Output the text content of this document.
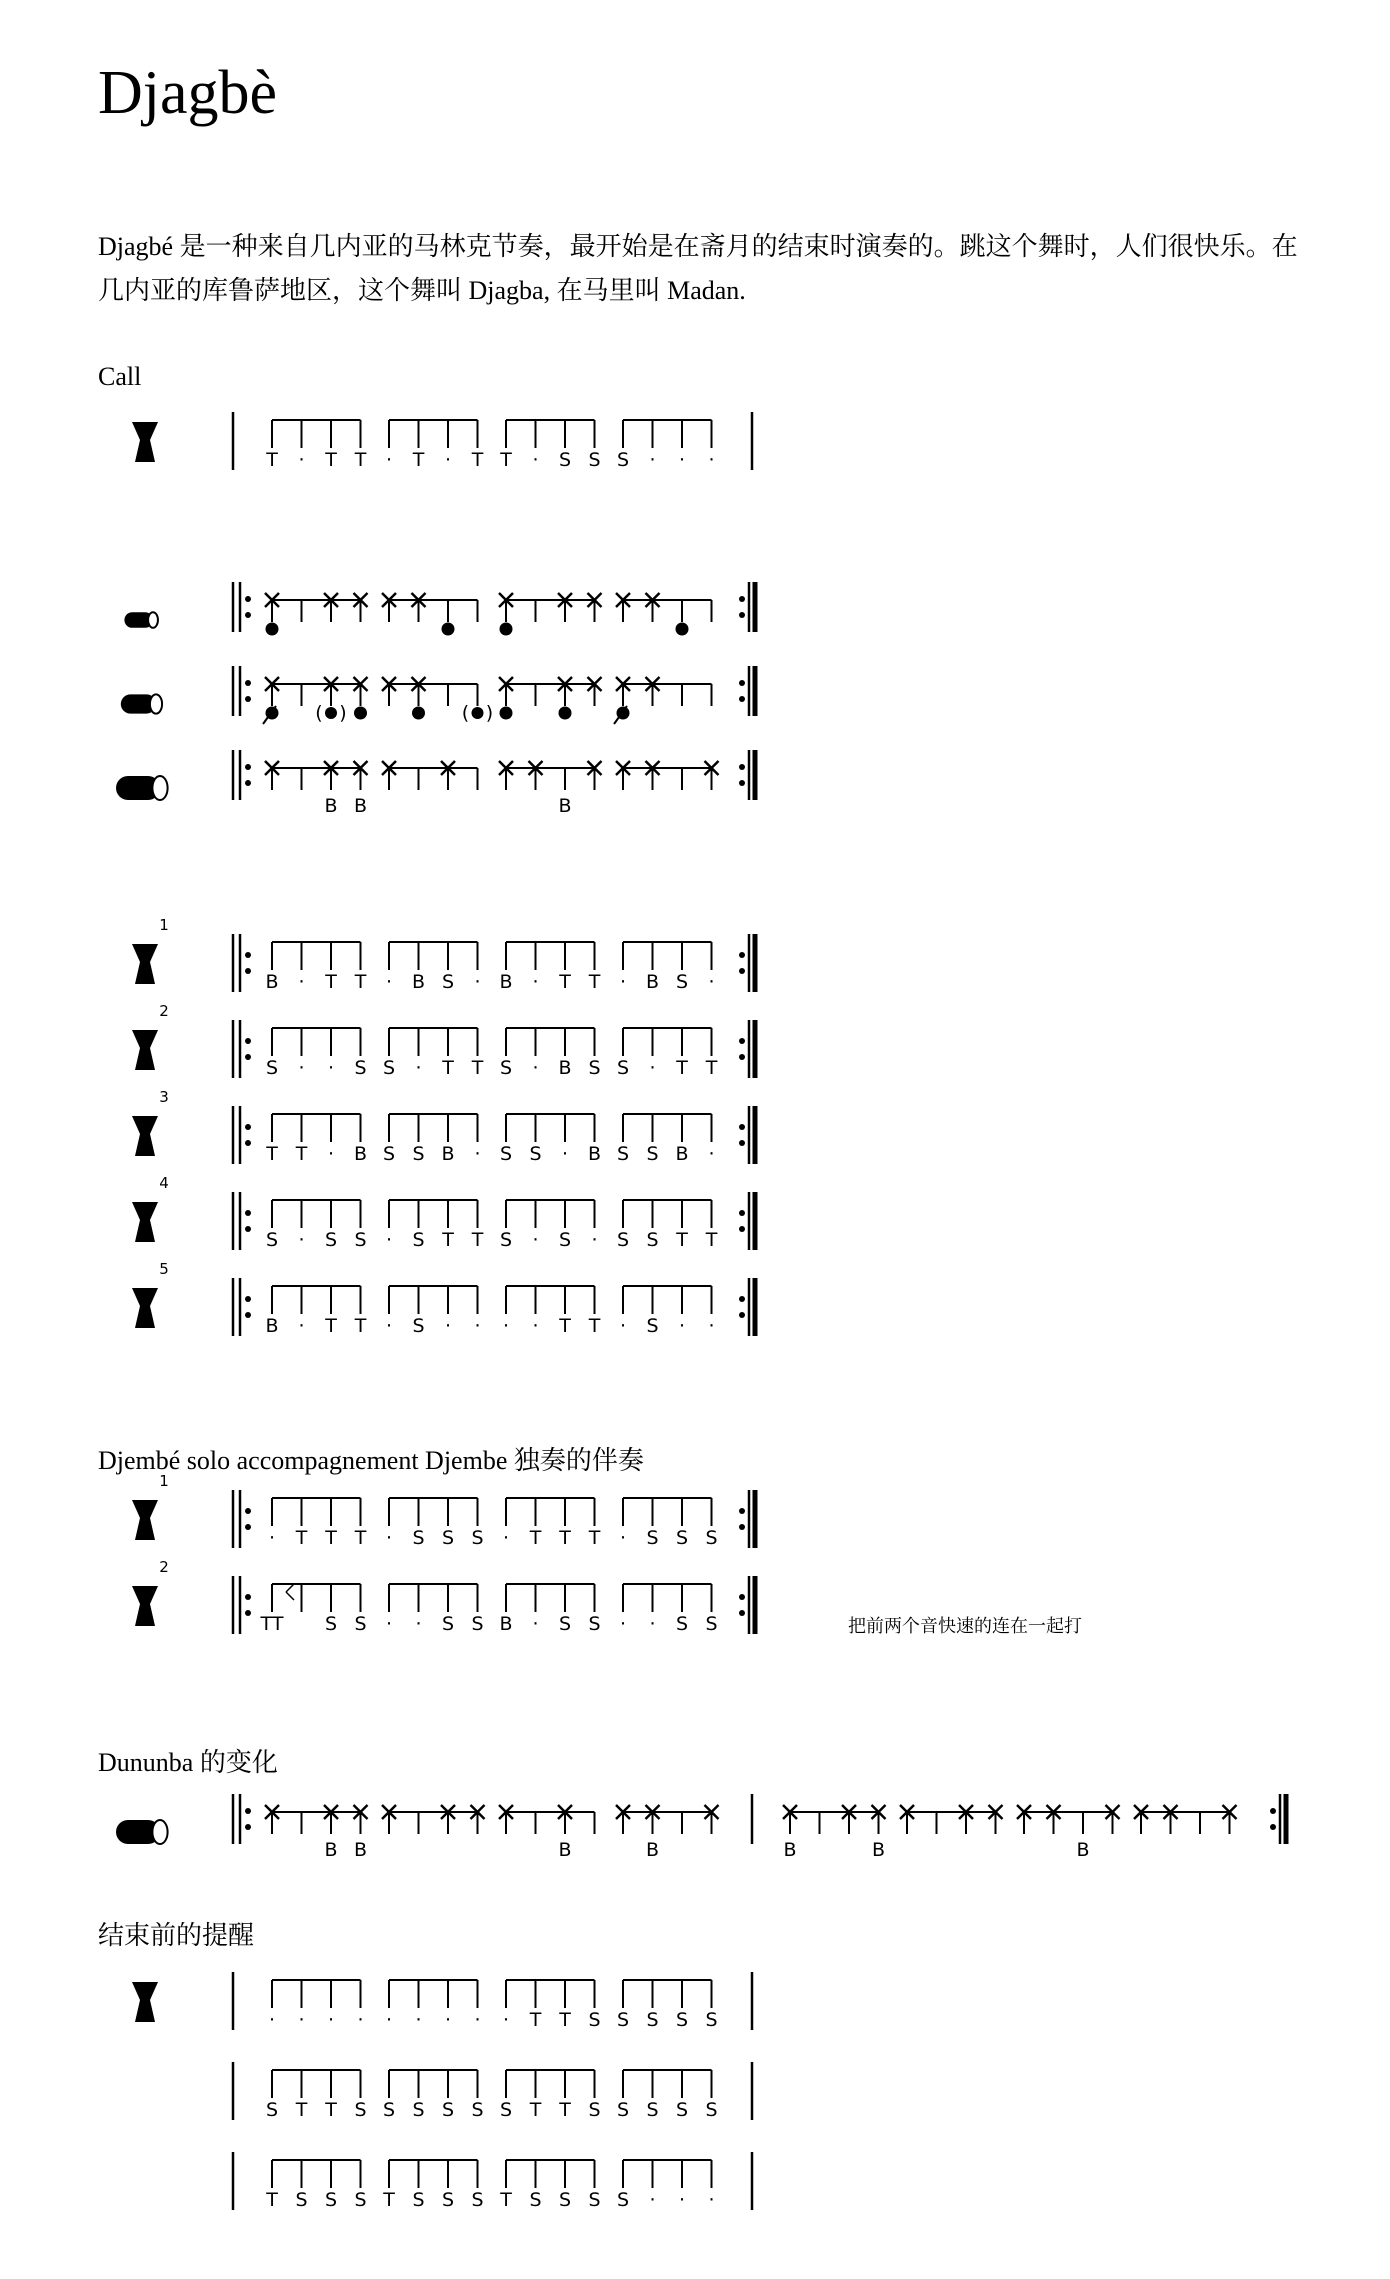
Djagbè

Djagbé 是一种来自几内亚的马林克节奏，最开始是在斋月的结束时演奏的。跳这个舞时，人们很快乐。在几内亚的库鲁萨地区，这个舞叫 Djagba, 在马里叫 Madan.

Call
Djembé solo accompagnement Djembe 独奏的伴奏
Dununba 的变化
结束前的提醒
把前两个音快速的连在一起打
T · T T · T · T T · S S S · · ·
( )	( )
B B	B
B · T T · B S · B · T T · B S ·
1
S · · S S · T T S · B S S · T T
2
T T · B S S B · S S · B S S B ·
3
S · S S · S T T S · S · S S T T
4
B · T T · S · · · · T T · S · ·
5
· T T T · S S S · T T T · S S S
1
TT S S · · S S B · S S · · S S
2
B B	B	B	B	B	B
· · · · · · · · · T T S S S S S
S T T S S S S S S T T S S S S S
T S S S T S S S T S S S S · · ·
